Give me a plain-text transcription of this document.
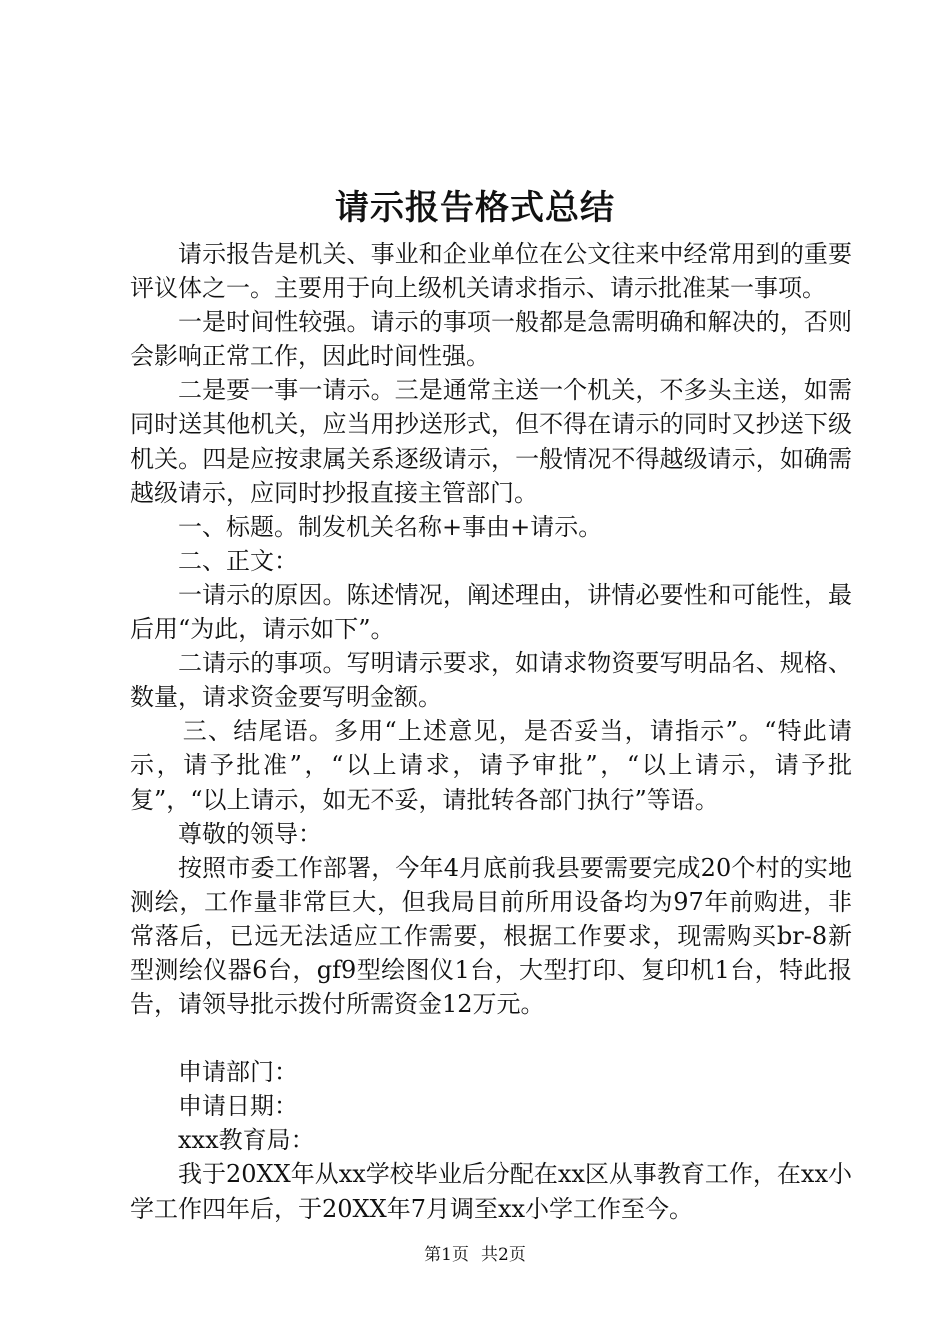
请示报告格式总结

请示报告是机关、事业和企业单位在公文往来中经常用到的重要评议体之一。主要用于向上级机关请求指示、请示批准某一事项。

一是时间性较强。请示的事项一般都是急需明确和解决的，否则会影响正常工作，因此时间性强。

二是要一事一请示。三是通常主送一个机关，不多头主送，如需同时送其他机关，应当用抄送形式，但不得在请示的同时又抄送下级机关。四是应按隶属关系逐级请示，一般情况不得越级请示，如确需越级请示，应同时抄报直接主管部门。

一、标题。制发机关名称+事由+请示。

二、正文：

一请示的原因。陈述情况，阐述理由，讲情必要性和可能性，最后用“为此，请示如下”。

二请示的事项。写明请示要求，如请求物资要写明品名、规格、数量，请求资金要写明金额。

三、结尾语。多用“上述意见，是否妥当，请指示”。“特此请示，请予批准”，“以上请求，请予审批”，“以上请示，请予批复”，“以上请示，如无不妥，请批转各部门执行”等语。

尊敬的领导：

按照市委工作部署，今年4月底前我县要需要完成20个村的实地测绘，工作量非常巨大，但我局目前所用设备均为97年前购进，非常落后，已远无法适应工作需要，根据工作要求，现需购买br-8新型测绘仪器6台，gf9型绘图仪1台，大型打印、复印机1台，特此报告，请领导批示拨付所需资金12万元。

申请部门：

申请日期：

xxx教育局：

我于20XX年从xx学校毕业后分配在xx区从事教育工作，在xx小学工作四年后，于20XX年7月调至xx小学工作至今。

第1页 共2页
